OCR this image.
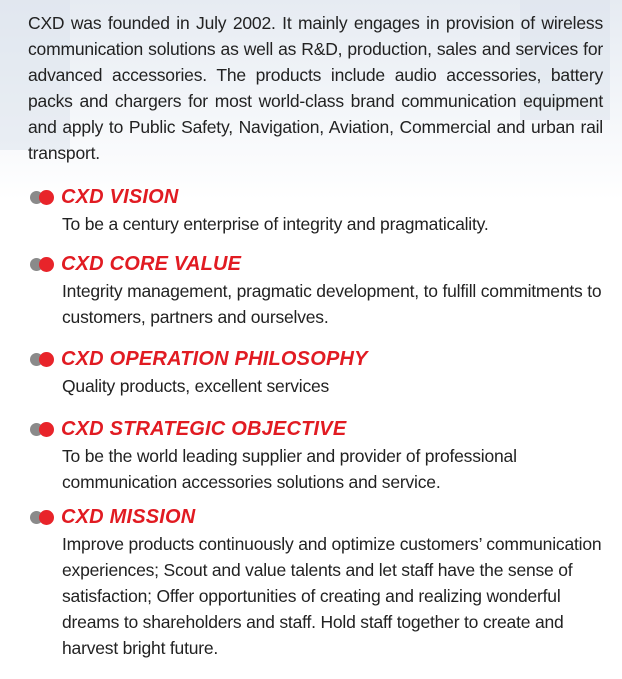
CXD was founded in July 2002. It mainly engages in provision of wireless communication solutions as well as R&D, production, sales and services for advanced accessories. The products include audio accessories, battery packs and chargers for most world-class brand communication equipment and apply to Public Safety, Navigation, Aviation, Commercial and urban rail transport.

CXD VISION
To be a century enterprise of integrity and pragmaticality.
CXD CORE VALUE
Integrity management, pragmatic development, to fulfill commitments to customers, partners and ourselves.
CXD OPERATION PHILOSOPHY
Quality products, excellent services
CXD STRATEGIC OBJECTIVE
To be the world leading supplier and provider of professional communication accessories solutions and service.
CXD MISSION
Improve products continuously and optimize customers’ communication experiences; Scout and value talents and let staff have the sense of satisfaction; Offer opportunities of creating and realizing wonderful dreams to shareholders and staff. Hold staff together to create and harvest bright future.
